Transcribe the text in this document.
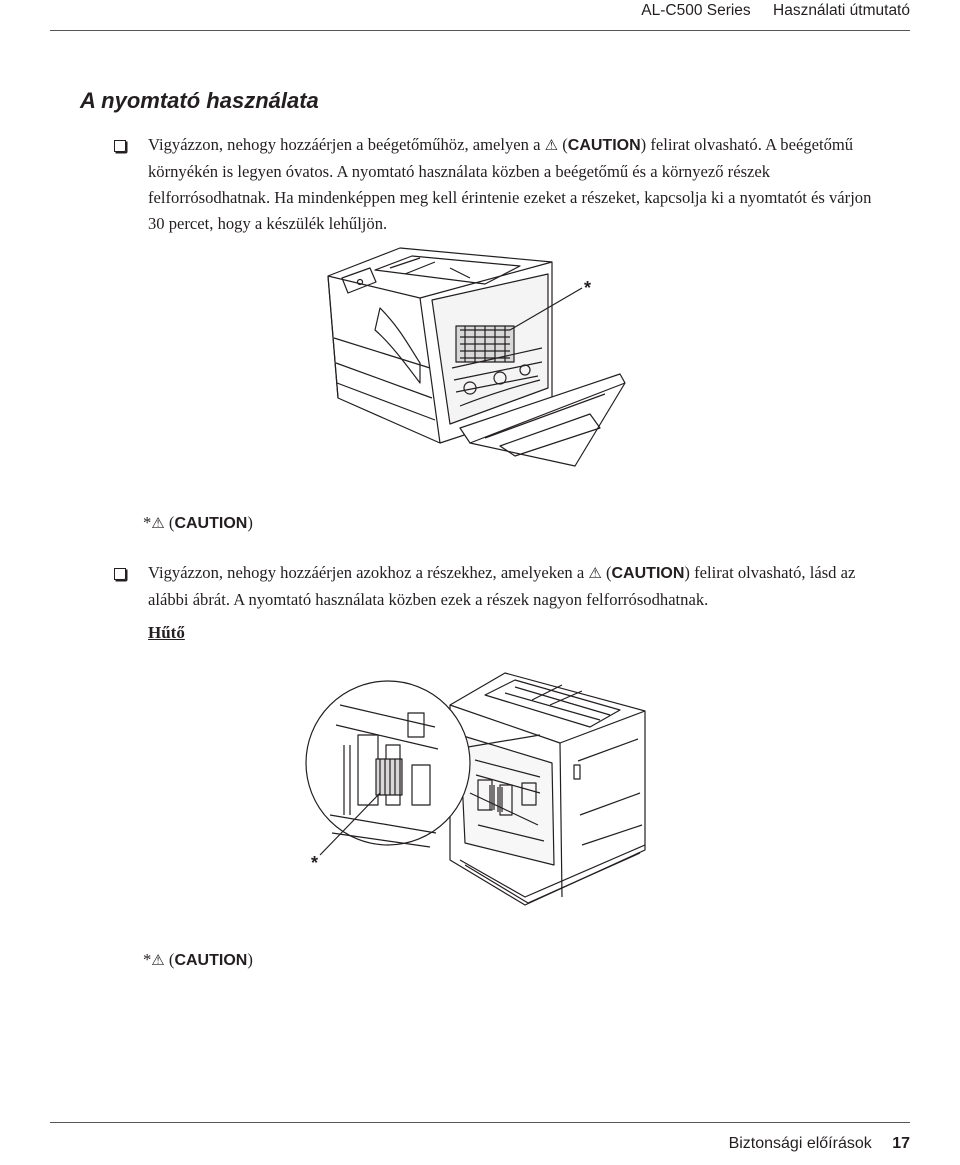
AL-C500 Series Használati útmutató
A nyomtató használata
Vigyázzon, nehogy hozzáérjen a beégetőműhöz, amelyen a ⚠ (CAUTION) felirat olvasható. A beégetőmű környékén is legyen óvatos. A nyomtató használata közben a beégetőmű és a környező részek felforrósodhatnak. Ha mindenképpen meg kell érintenie ezeket a részeket, kapcsolja ki a nyomtatót és várjon 30 percet, hogy a készülék lehűljön.
*
*⚠ (CAUTION)
Vigyázzon, nehogy hozzáérjen azokhoz a részekhez, amelyeken a ⚠ (CAUTION) felirat olvasható, lásd az alábbi ábrát. A nyomtató használata közben ezek a részek nagyon felforrósodhatnak.
Hűtő
*
*⚠ (CAUTION)
Biztonsági előírások 17
